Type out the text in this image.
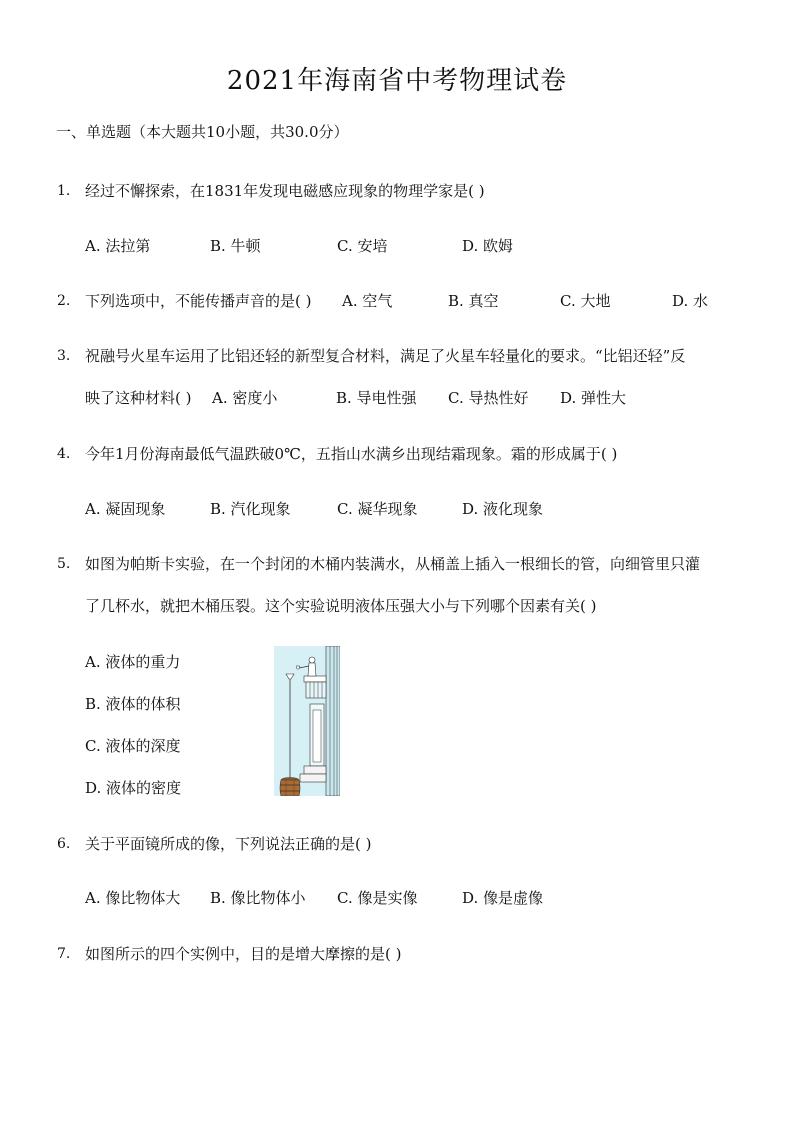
2021年海南省中考物理试卷
一、单选题（本大题共10小题，共30.0分）
1. 经过不懈探索，在1831年发现电磁感应现象的物理学家是( )
A. 法拉第	B. 牛顿	C. 安培	D. 欧姆
2. 下列选项中，不能传播声音的是( ) A. 空气	B. 真空	C. 大地	D. 水
3. 祝融号火星车运用了比铝还轻的新型复合材料，满足了火星车轻量化的要求。“比铝还轻”反
映了这种材料( ) A. 密度小	B. 导电性强 C. 导热性好 D. 弹性大
4. 今年1月份海南最低气温跌破0℃，五指山水满乡出现结霜现象。霜的形成属于( )
A. 凝固现象	B. 汽化现象	C. 凝华现象	D. 液化现象
5. 如图为帕斯卡实验，在一个封闭的木桶内装满水，从桶盖上插入一根细长的管，向细管里只灌
了几杯水，就把木桶压裂。这个实验说明液体压强大小与下列哪个因素有关( )
A. 液体的重力
B. 液体的体积
C. 液体的深度
D. 液体的密度
6. 关于平面镜所成的像，下列说法正确的是( )
A. 像比物体大 B. 像比物体小 C. 像是实像	D. 像是虚像
7. 如图所示的四个实例中，目的是增大摩擦的是( )
